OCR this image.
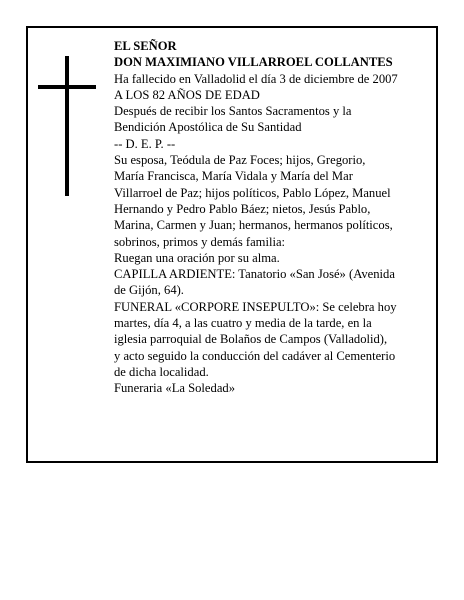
EL SEÑOR
DON MAXIMIANO VILLARROEL COLLANTES
Ha fallecido en Valladolid el día 3 de diciembre de 2007
A LOS 82 AÑOS DE EDAD
Después de recibir los Santos Sacramentos y la
Bendición Apostólica de Su Santidad
-- D. E. P. --
Su esposa, Teódula de Paz Foces; hijos, Gregorio,
María Francisca, María Vidala y María del Mar
Villarroel de Paz; hijos políticos, Pablo López, Manuel
Hernando y Pedro Pablo Báez; nietos, Jesús Pablo,
Marina, Carmen y Juan; hermanos, hermanos políticos,
sobrinos, primos y demás familia:
Ruegan una oración por su alma.
CAPILLA ARDIENTE: Tanatorio «San José» (Avenida
de Gijón, 64).
FUNERAL «CORPORE INSEPULTO»: Se celebra hoy
martes, día 4, a las cuatro y media de la tarde, en la
iglesia parroquial de Bolaños de Campos (Valladolid),
y acto seguido la conducción del cadáver al Cementerio
de dicha localidad.
Funeraria «La Soledad»
